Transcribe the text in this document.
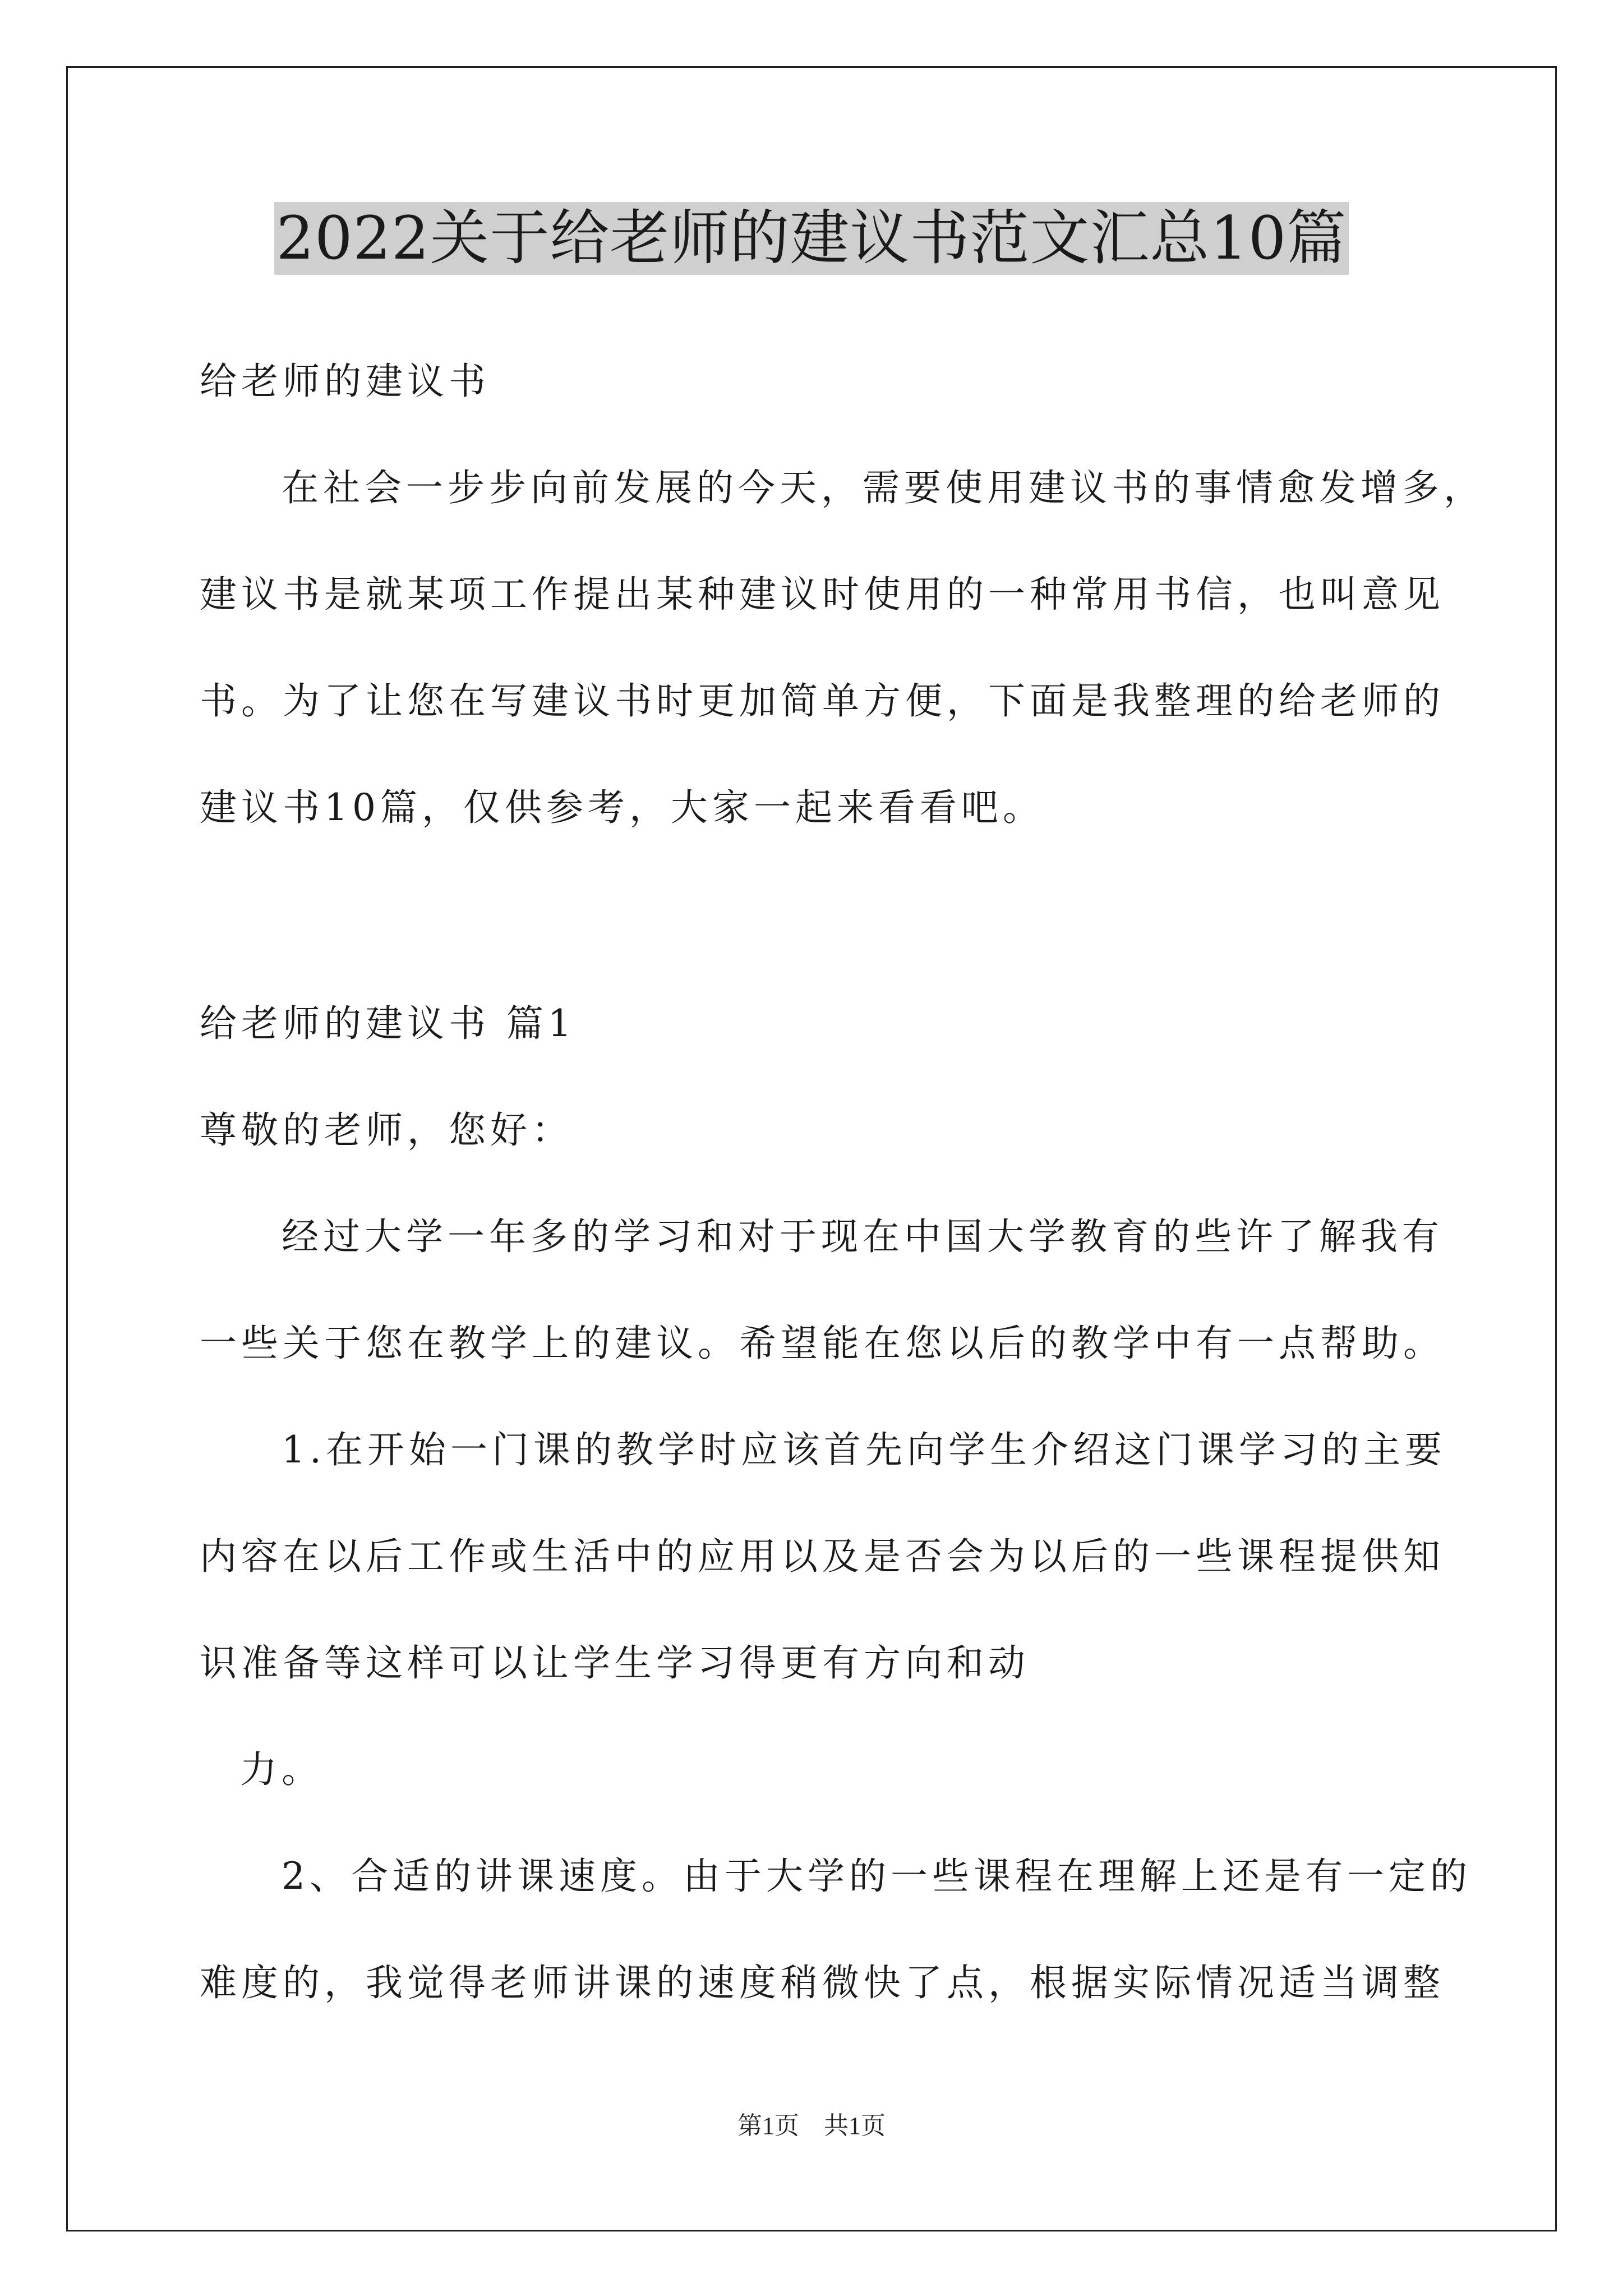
2022关于给老师的建议书范文汇总10篇
给老师的建议书
在社会一步步向前发展的今天，需要使用建议书的事情愈发增多，
建议书是就某项工作提出某种建议时使用的一种常用书信，也叫意见
书。为了让您在写建议书时更加简单方便，下面是我整理的给老师的
建议书10篇，仅供参考，大家一起来看看吧。
给老师的建议书 篇1
尊敬的老师，您好：
经过大学一年多的学习和对于现在中国大学教育的些许了解我有
一些关于您在教学上的建议。希望能在您以后的教学中有一点帮助。
1.在开始一门课的教学时应该首先向学生介绍这门课学习的主要
内容在以后工作或生活中的应用以及是否会为以后的一些课程提供知
识准备等这样可以让学生学习得更有方向和动
力。
2、合适的讲课速度。由于大学的一些课程在理解上还是有一定的
难度的，我觉得老师讲课的速度稍微快了点，根据实际情况适当调整
第1页　共1页
